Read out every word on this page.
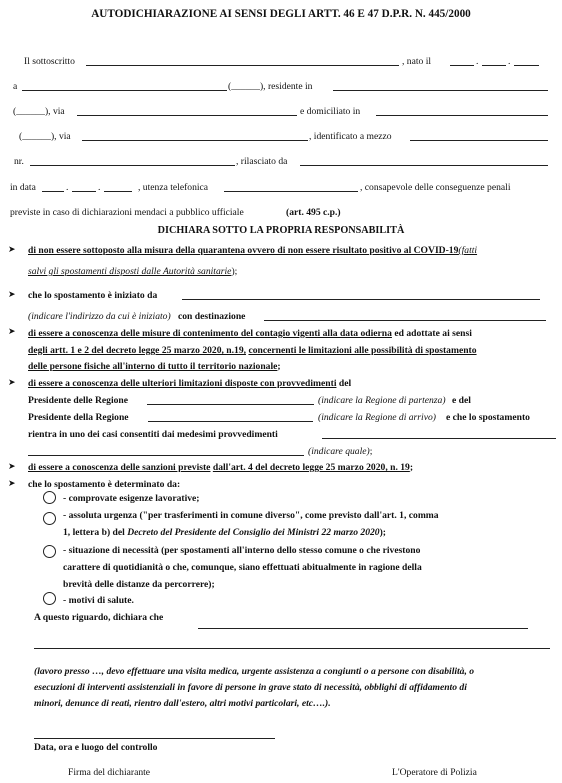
AUTODICHIARAZIONE AI SENSI DEGLI ARTT. 46 E 47 D.P.R. N. 445/2000
Il sottoscritto	, nato il	.	.
a	(______), residente in
(______), via	e domiciliato in
(______), via	, identificato a mezzo
nr.	, rilasciato da
in data	.	.	, utenza telefonica	, consapevole delle conseguenze penali
previste in caso di dichiarazioni mendaci a pubblico ufficiale	(art. 495 c.p.)
DICHIARA SOTTO LA PROPRIA RESPONSABILITÀ
➤ di non essere sottoposto alla misura della quarantena ovvero di non essere risultato positivo al COVID-19(fatti
salvi gli spostamenti disposti dalle Autorità sanitarie);
➤ che lo spostamento è iniziato da
(indicare l'indirizzo da cui è iniziato) con destinazione
➤ di essere a conoscenza delle misure di contenimento del contagio vigenti alla data odierna ed adottate ai sensi
degli artt. 1 e 2 del decreto legge 25 marzo 2020, n.19, concernenti le limitazioni alle possibilità di spostamento
delle persone fisiche all'interno di tutto il territorio nazionale;
➤ di essere a conoscenza delle ulteriori limitazioni disposte con provvedimenti del
Presidente delle Regione	(indicare la Regione di partenza) e del
Presidente della Regione	(indicare la Regione di arrivo) e che lo spostamento
rientra in uno dei casi consentiti dai medesimi provvedimenti
(indicare quale);
➤ di essere a conoscenza delle sanzioni previste dall'art. 4 del decreto legge 25 marzo 2020, n. 19;
➤ che lo spostamento è determinato da:
- comprovate esigenze lavorative;
- assoluta urgenza ("per trasferimenti in comune diverso", come previsto dall'art. 1, comma
1, lettera b) del Decreto del Presidente del Consiglio dei Ministri 22 marzo 2020);
- situazione di necessità (per spostamenti all'interno dello stesso comune o che rivestono
carattere di quotidianità o che, comunque, siano effettuati abitualmente in ragione della
brevità delle distanze da percorrere);
- motivi di salute.
A questo riguardo, dichiara che
(lavoro presso …, devo effettuare una visita medica, urgente assistenza a congiunti o a persone con disabilità, o
esecuzioni di interventi assistenziali in favore di persone in grave stato di necessità, obblighi di affidamento di
minori, denunce di reati, rientro dall'estero, altri motivi particolari, etc….).
Data, ora e luogo del controllo
Firma del dichiarante	L'Operatore di Polizia
